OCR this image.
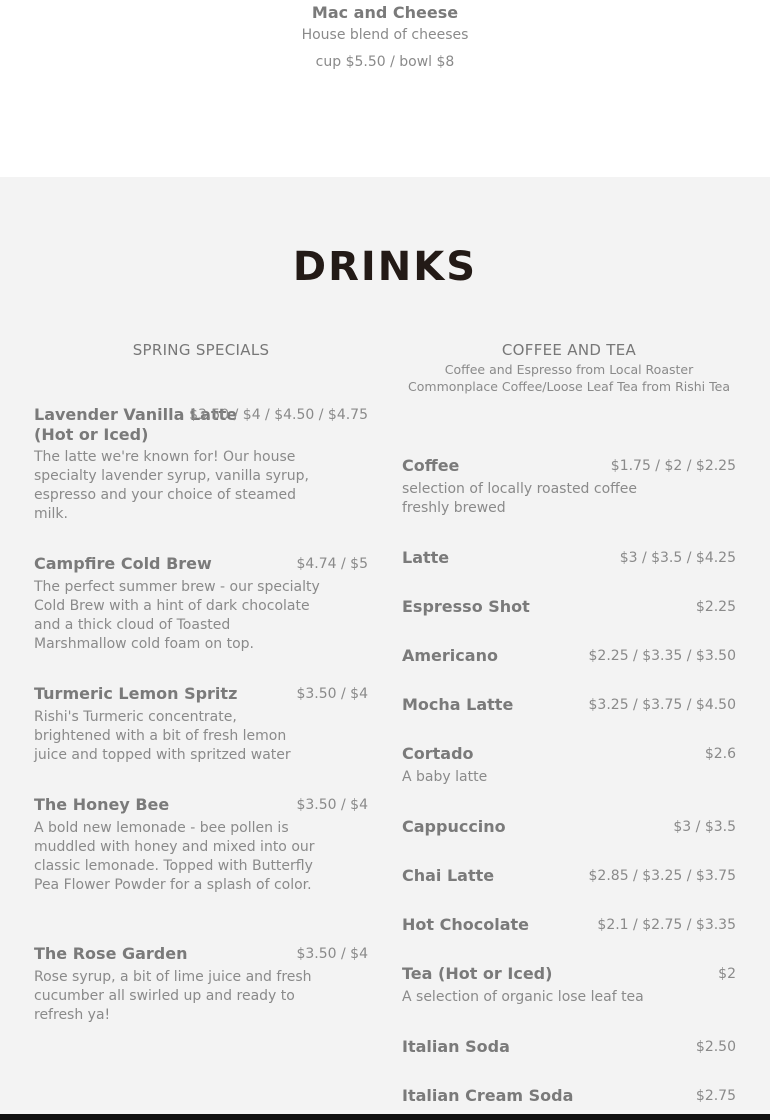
Mac and Cheese
House blend of cheeses
cup $5.50 / bowl $8
DRINKS
SPRING SPECIALS
Lavender Vanilla Latte (Hot or Iced)
$3.50 / $4 / $4.50 / $4.75
The latte we're known for! Our house specialty lavender syrup, vanilla syrup, espresso and your choice of steamed milk.
Campfire Cold Brew	$4.74 / $5
The perfect summer brew - our specialty Cold Brew with a hint of dark chocolate and a thick cloud of Toasted Marshmallow cold foam on top.
Turmeric Lemon Spritz	$3.50 / $4
Rishi's Turmeric concentrate, brightened with a bit of fresh lemon juice and topped with spritzed water
The Honey Bee	$3.50 / $4
A bold new lemonade - bee pollen is muddled with honey and mixed into our classic lemonade. Topped with Butterfly Pea Flower Powder for a splash of color.
The Rose Garden	$3.50 / $4
Rose syrup, a bit of lime juice and fresh cucumber all swirled up and ready to refresh ya!
COFFEE AND TEA
Coffee and Espresso from Local Roaster Commonplace Coffee/Loose Leaf Tea from Rishi Tea
Coffee	$1.75 / $2 / $2.25
selection of locally roasted coffee freshly brewed
Latte	$3 / $3.5 / $4.25
Espresso Shot	$2.25
Americano	$2.25 / $3.35 / $3.50
Mocha Latte	$3.25 / $3.75 / $4.50
Cortado	$2.6
A baby latte
Cappuccino	$3 / $3.5
Chai Latte	$2.85 / $3.25 / $3.75
Hot Chocolate	$2.1 / $2.75 / $3.35
Tea (Hot or Iced)	$2
A selection of organic lose leaf tea
Italian Soda	$2.50
Italian Cream Soda	$2.75
